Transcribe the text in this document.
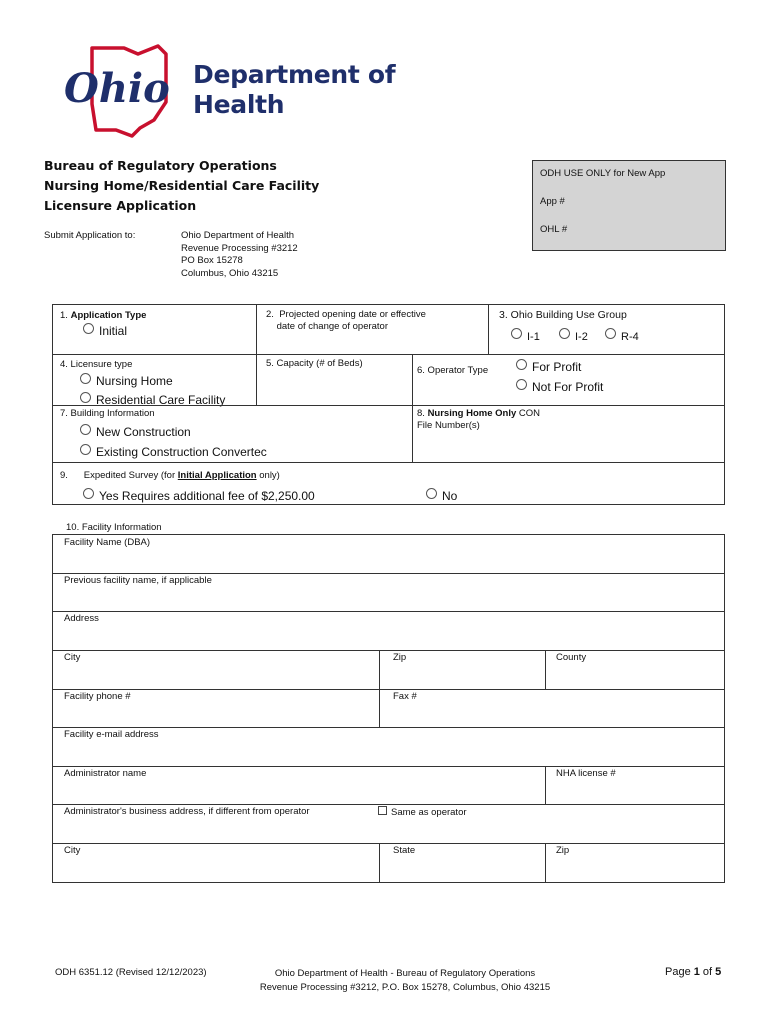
Ohio Department of
Health
Bureau of Regulatory Operations
Nursing Home/Residential Care Facility
Licensure Application
Submit Application to:	Ohio Department of Health
Revenue Processing #3212
PO Box 15278
Columbus, Ohio 43215
ODH USE ONLY for New App
App #
OHL #
1. Application Type
Initial
2. Projected opening date or effective
date of change of operator
3. Ohio Building Use Group
I-1	I-2	R-4
4. Licensure type
Nursing Home
Residential Care Facility
5. Capacity (# of Beds)
6. Operator Type	For Profit
Not For Profit
7. Building Information
New Construction
Existing Construction Convertec
8. Nursing Home Only CON
File Number(s)
9. Expedited Survey (for Initial Application only)
Yes Requires additional fee of $2,250.00	No
10. Facility Information
Facility Name (DBA)
Previous facility name, if applicable
Address
City	Zip	County
Facility phone #	Fax #
Facility e-mail address
Administrator name	NHA license #
Administrator's business address, if different from operator	Same as operator
City	State	Zip
ODH 6351.12 (Revised 12/12/2023)	Ohio Department of Health - Bureau of Regulatory Operations
Revenue Processing #3212, P.O. Box 15278, Columbus, Ohio 43215
Page 1 of 5
